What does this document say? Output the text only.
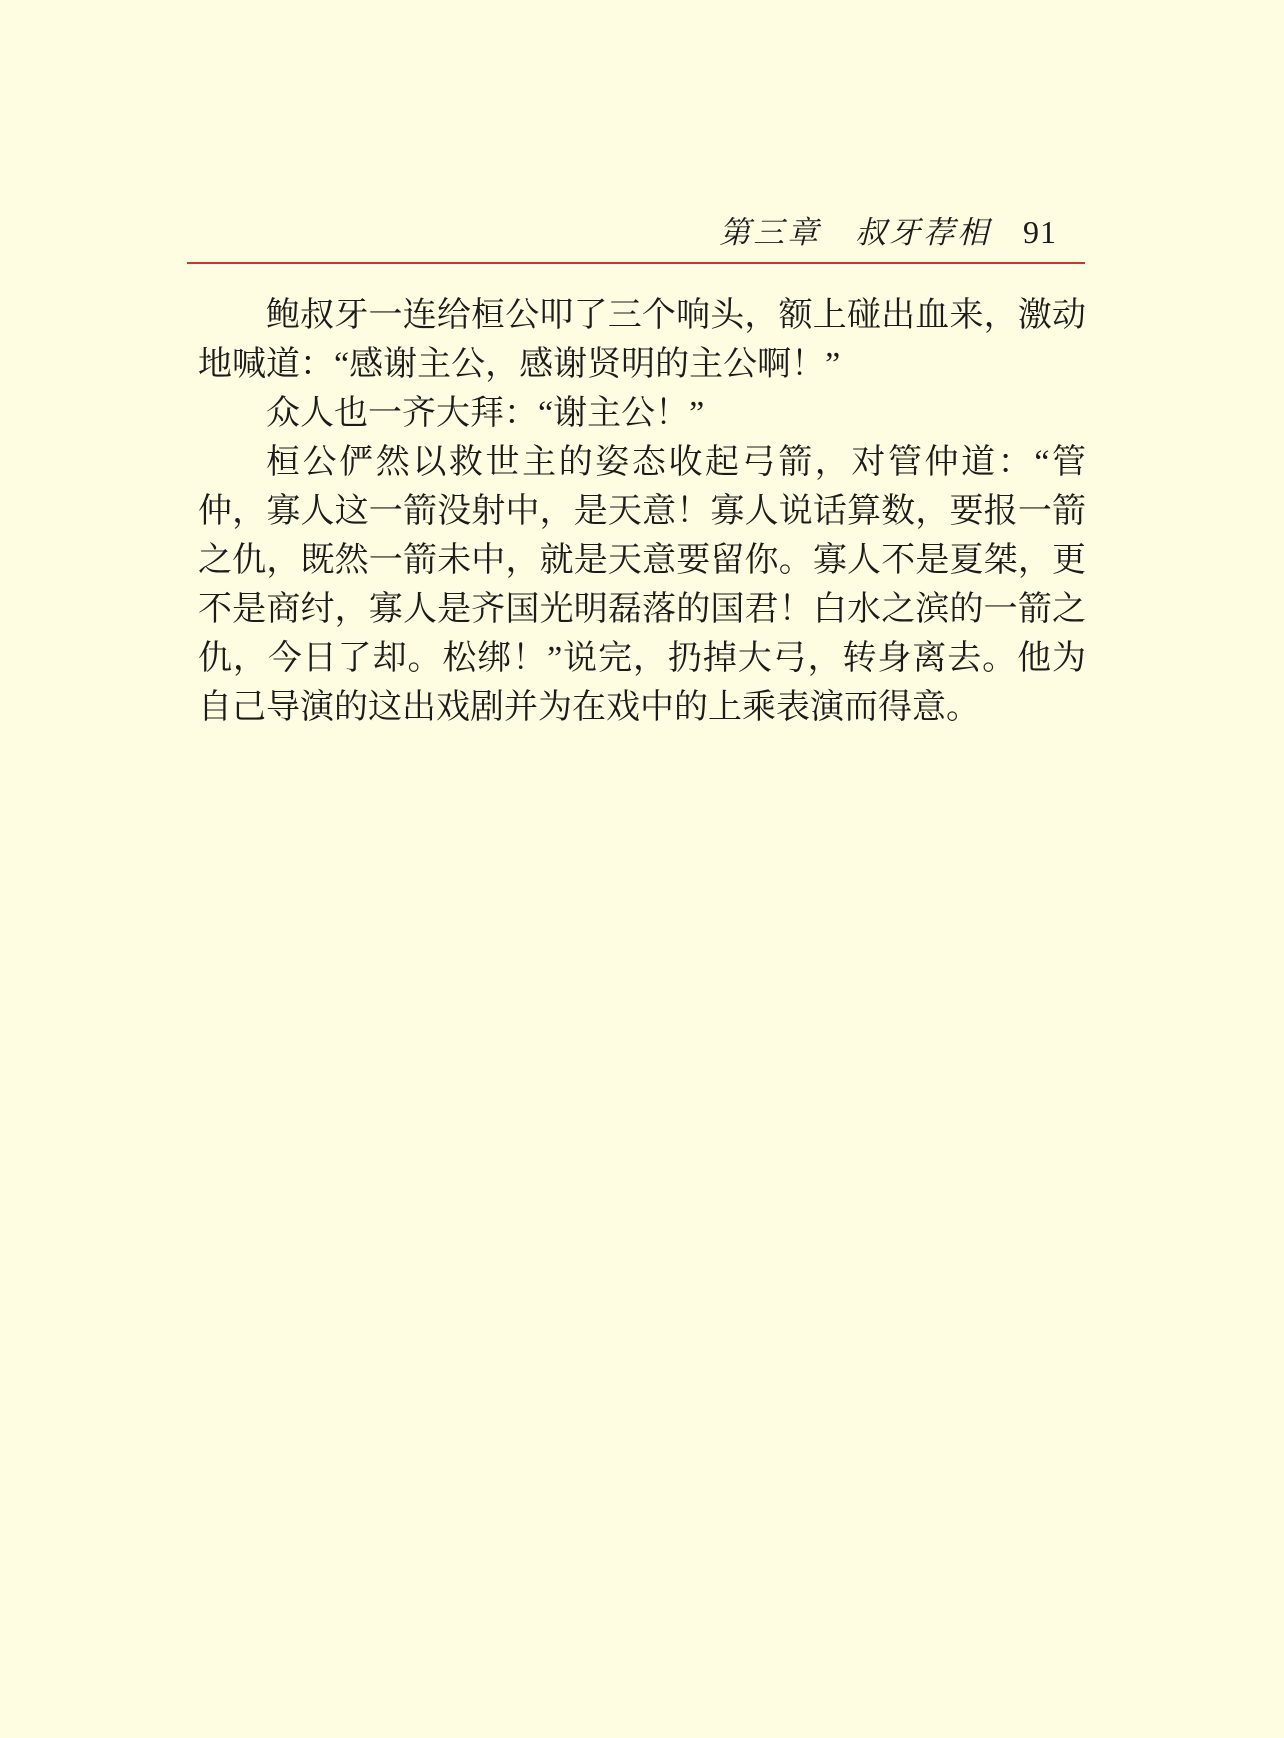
第三章　叔牙荐相 91

鲍叔牙一连给桓公叩了三个响头，额上碰出血来，激动地喊道：“感谢主公，感谢贤明的主公啊！”

众人也一齐大拜：“谢主公！”

桓公俨然以救世主的姿态收起弓箭，对管仲道：“管仲，寡人这一箭没射中，是天意！寡人说话算数，要报一箭之仇，既然一箭未中，就是天意要留你。寡人不是夏桀，更不是商纣，寡人是齐国光明磊落的国君！白水之滨的一箭之仇，今日了却。松绑！”说完，扔掉大弓，转身离去。他为自己导演的这出戏剧并为在戏中的上乘表演而得意。
